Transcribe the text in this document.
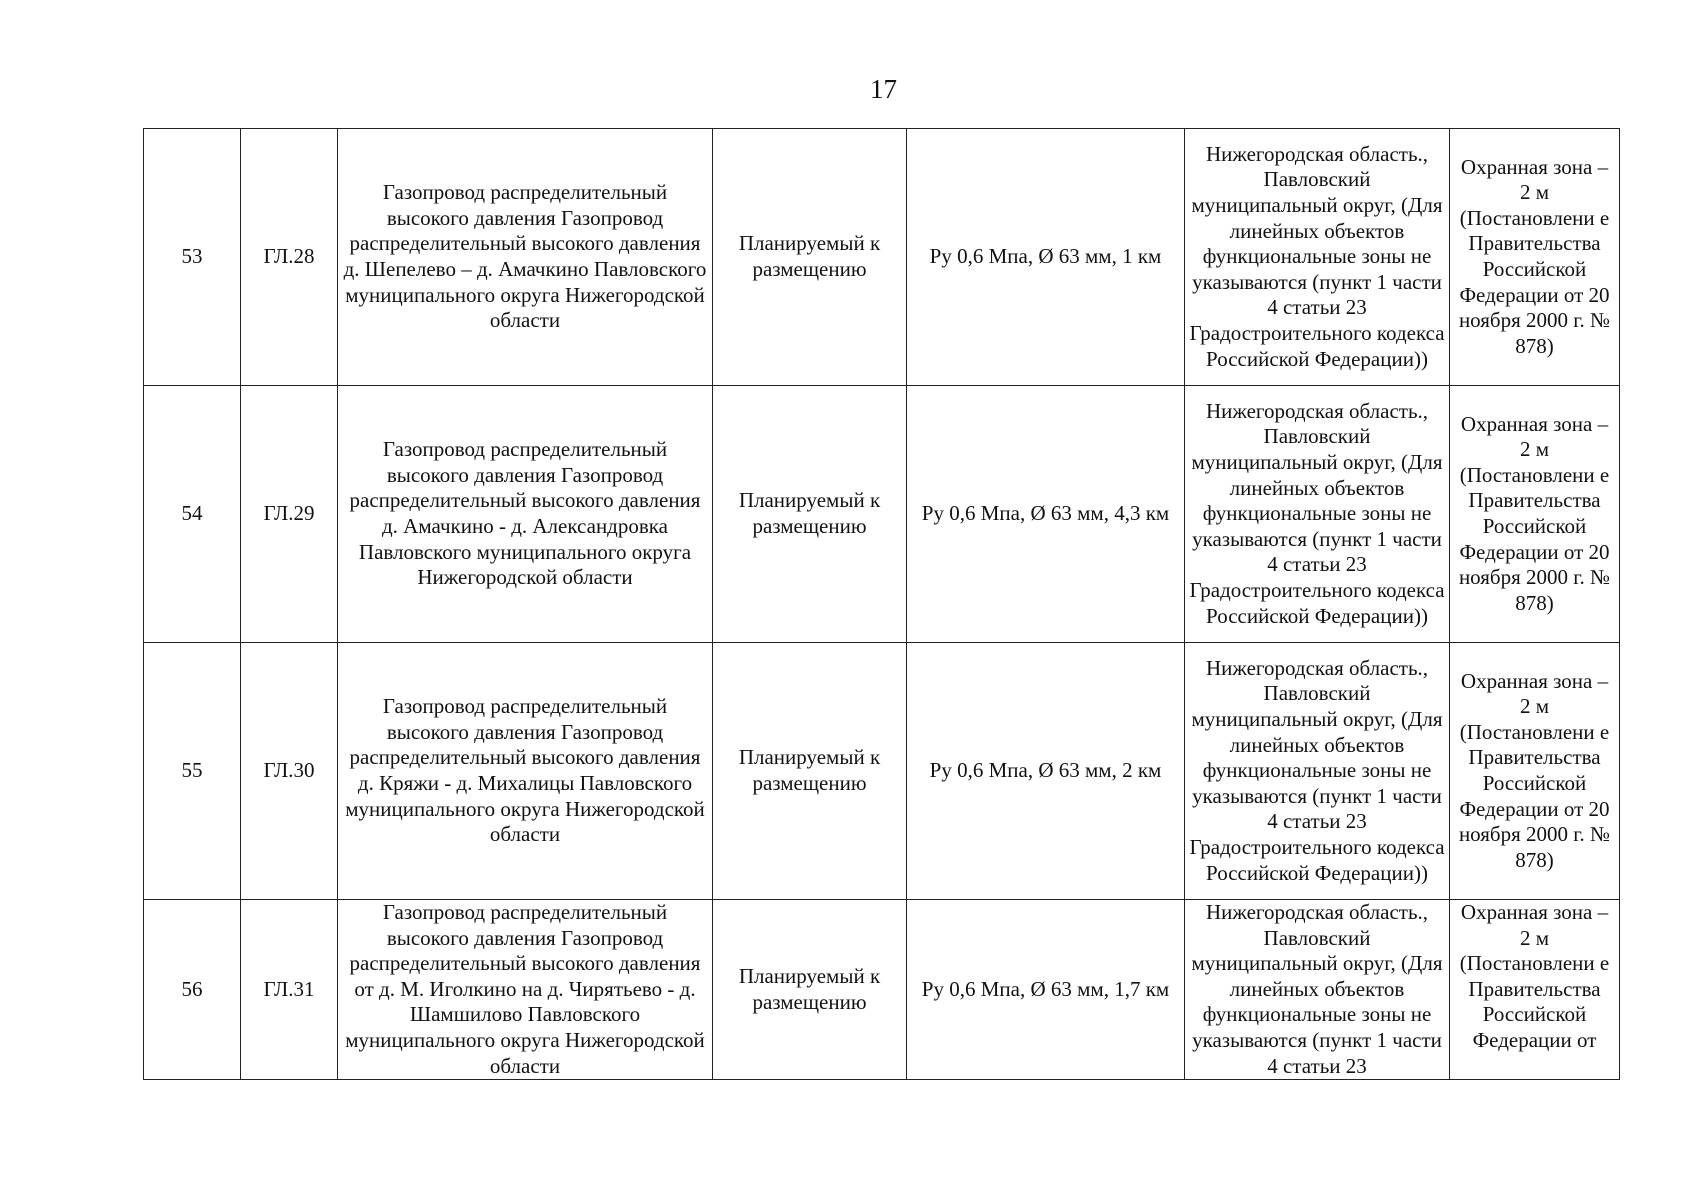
17
53	ГЛ.28	Газопровод распределительный высокого давления Газопровод распределительный высокого давления д. Шепелево – д. Амачкино Павловского муниципального округа Нижегородской области	Планируемый к размещению	Ру 0,6 Мпа, Ø 63 мм, 1 км	Нижегородская область., Павловский муниципальный округ, (Для линейных объектов функциональные зоны не указываются (пункт 1 части 4 статьи 23 Градостроительного кодекса Российской Федерации))	Охранная зона – 2 м (Постановлени е Правительства Российской Федерации от 20 ноября 2000 г. № 878)

54	ГЛ.29	Газопровод распределительный высокого давления Газопровод распределительный высокого давления д. Амачкино - д. Александровка Павловского муниципального округа Нижегородской области	Планируемый к размещению	Ру 0,6 Мпа, Ø 63 мм, 4,3 км	Нижегородская область., Павловский муниципальный округ, (Для линейных объектов функциональные зоны не указываются (пункт 1 части 4 статьи 23 Градостроительного кодекса Российской Федерации))	Охранная зона – 2 м (Постановлени е Правительства Российской Федерации от 20 ноября 2000 г. № 878)

55	ГЛ.30	Газопровод распределительный высокого давления Газопровод распределительный высокого давления д. Кряжи - д. Михалицы Павловского муниципального округа Нижегородской области	Планируемый к размещению	Ру 0,6 Мпа, Ø 63 мм, 2 км	Нижегородская область., Павловский муниципальный округ, (Для линейных объектов функциональные зоны не указываются (пункт 1 части 4 статьи 23 Градостроительного кодекса Российской Федерации))	Охранная зона – 2 м (Постановлени е Правительства Российской Федерации от 20 ноября 2000 г. № 878)

56	ГЛ.31	Газопровод распределительный высокого давления Газопровод распределительный высокого давления от д. М. Иголкино на д. Чирятьево - д. Шамшилово Павловского муниципального округа Нижегородской области	Планируемый к размещению	Ру 0,6 Мпа, Ø 63 мм, 1,7 км	Нижегородская область., Павловский муниципальный округ, (Для линейных объектов функциональные зоны не указываются (пункт 1 части 4 статьи 23	Охранная зона – 2 м (Постановлени е Правительства Российской Федерации от
